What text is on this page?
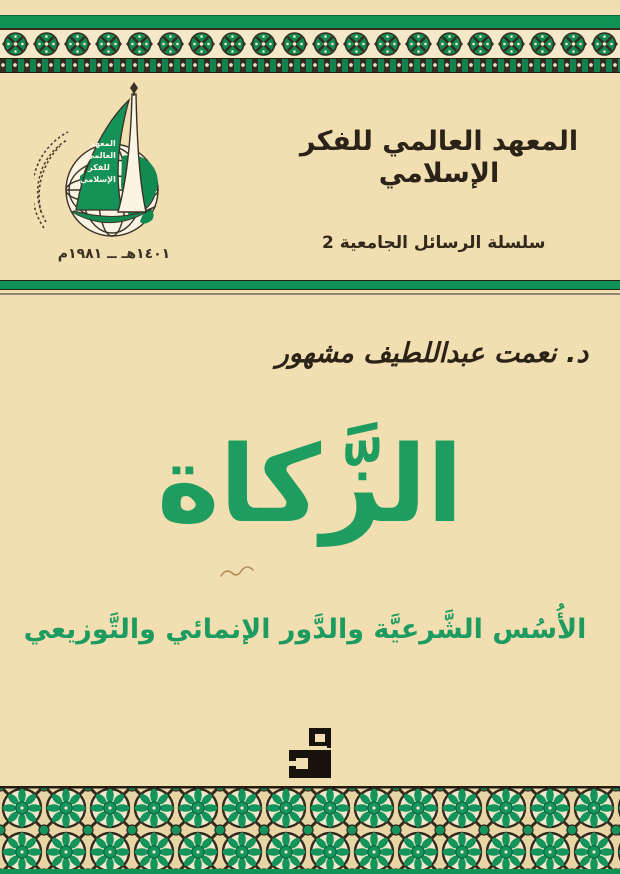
المعهد
العالمي
للفكر
الإسلامي
١٤٠١هـ ــ ١٩٨١م
المعهد العالمي للفكر الإسلامي
سلسلة الرسائل الجامعية 2
د. نعمت عبداللطيف مشهور
الزَّكاة
الأُسُس الشَّرعيَّة والدَّور الإنمائي والتَّوزيعي
